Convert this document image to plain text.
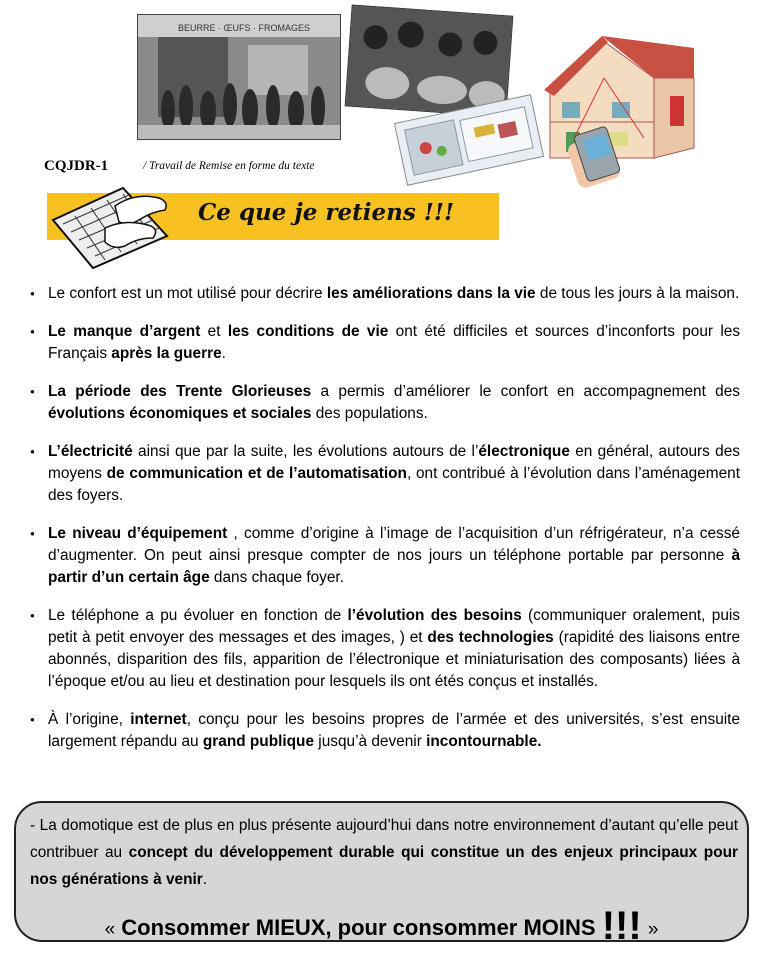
BEURRE · ŒUFS · FROMAGES
CQJDR-1	/ Travail de Remise en forme du texte
Ce que je retiens !!!
● Le confort est un mot utilisé pour décrire les améliorations dans la vie de tous les jours à la maison.
● Le manque d’argent et les conditions de vie ont été difficiles et sources d’inconforts pour les Français après la guerre.
● La période des Trente Glorieuses a permis d’améliorer le confort en accompagnement des évolutions économiques et sociales des populations.
● L’électricité ainsi que par la suite, les évolutions autours de l’électronique en général, autours des moyens de communication et de l’automatisation, ont contribué à l’évolution dans l’aménagement des foyers.
● Le niveau d’équipement , comme d’origine à l’image de l’acquisition d’un réfrigérateur, n’a cessé d’augmenter. On peut ainsi presque compter de nos jours un téléphone portable par personne à partir d’un certain âge dans chaque foyer.
● Le téléphone a pu évoluer en fonction de l’évolution des besoins (communiquer oralement, puis petit à petit envoyer des messages et des images, ) et des technologies (rapidité des liaisons entre abonnés, disparition des fils, apparition de l’électronique et miniaturisation des composants) liées à l’époque et/ou au lieu et destination pour lesquels ils ont étés conçus et installés.
● À l’origine, internet, conçu pour les besoins propres de l’armée et des universités, s’est ensuite largement répandu au grand publique jusqu’à devenir incontournable.
- La domotique est de plus en plus présente aujourd’hui dans notre environnement d’autant qu’elle peut contribuer au concept du développement durable qui constitue un des enjeux principaux pour nos générations à venir.
« Consommer MIEUX, pour consommer MOINS !!! »
